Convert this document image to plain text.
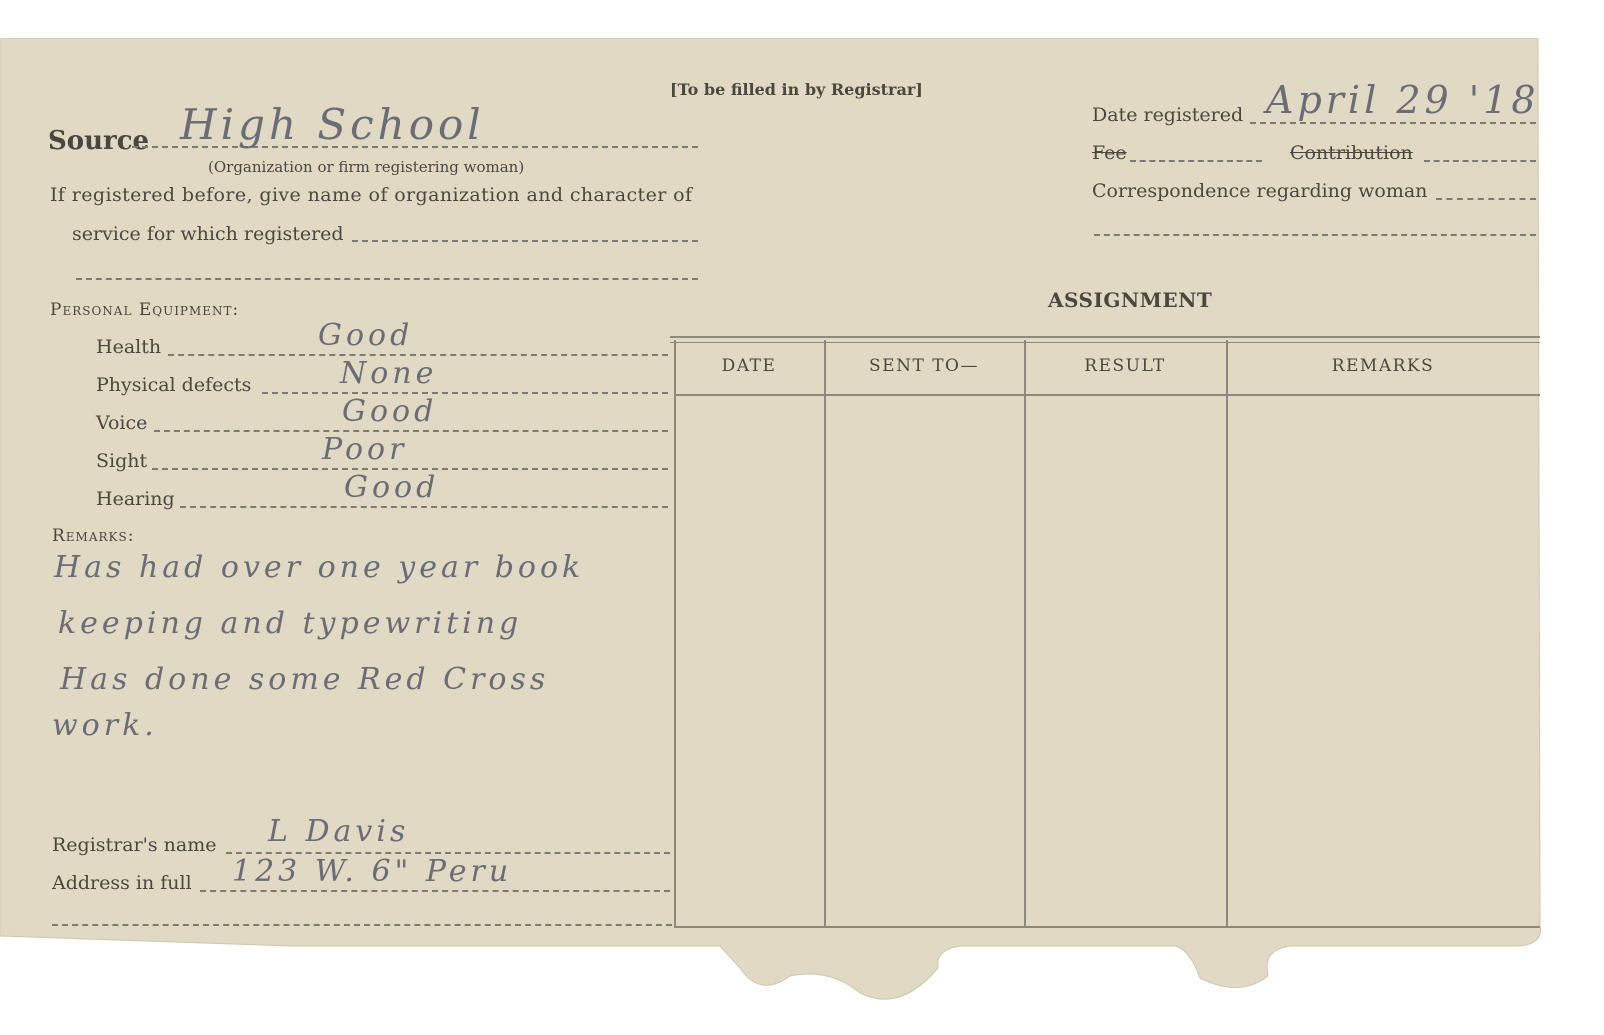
[To be filled in by Registrar]
Source High School
(Organization or firm registering woman)
If registered before, give name of organization and character of
service for which registered
Date registered April 29 '18
Fee	Contribution
Correspondence regarding woman
Personal Equipment:
Health	Good
Physical defects	None
Voice	Good
Sight	Poor
Hearing	Good
Remarks:
Has had over one year book
keeping and typewriting
Has done some Red Cross
work.
Registrar's name L Davis
Address in full 123 W. 6" Peru
ASSIGNMENT
DATE	SENT TO—	RESULT	REMARKS
